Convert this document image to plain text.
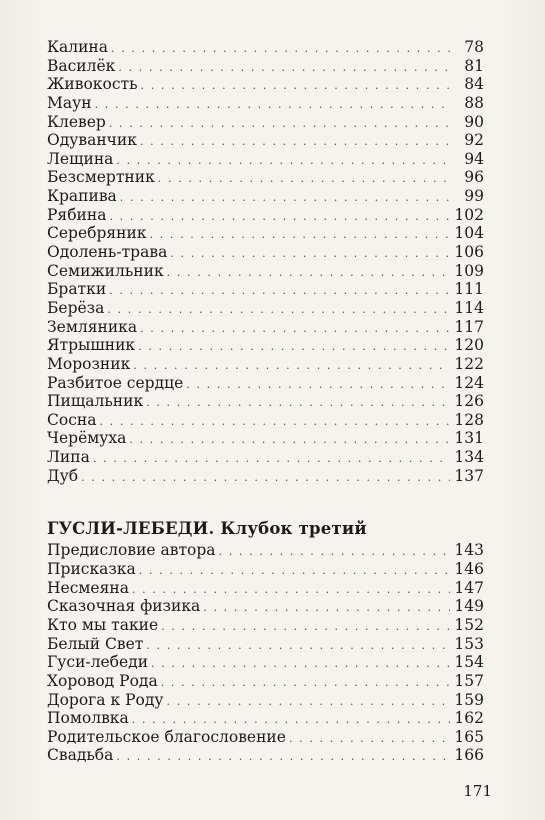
Калина . . .	78
Василёк . . .	81
Живокость . . .	84
Маун . . .	88
Клевер . . .	90
Одуванчик . . .	92
Лещина . . .	94
Безсмертник . . .	96
Крапива . . .	99
Рябина . . .	102
Серебряник . . .	104
Одолень-трава . . .	106
Семижильник . . .	109
Братки . . .	111
Берёза . . .	114
Земляника . . .	117
Ятрышник . . .	120
Морозник . . .	122
Разбитое сердце . . .	124
Пищальник . . .	126
Сосна . . .	128
Черёмуха . . .	131
Липа . . .	134
Дуб . . .	137
ГУСЛИ-ЛЕБЕДИ. Клубок третий
Предисловие автора . . .	143
Присказка . . .	146
Несмеяна . . .	147
Сказочная физика . . .	149
Кто мы такие . . .	152
Белый Свет . . .	153
Гуси-лебеди . . .	154
Хоровод Рода . . .	157
Дорога к Роду . . .	159
Помолвка . . .	162
Родительское благословение . . .	165
Свадьба . . .	166
171
